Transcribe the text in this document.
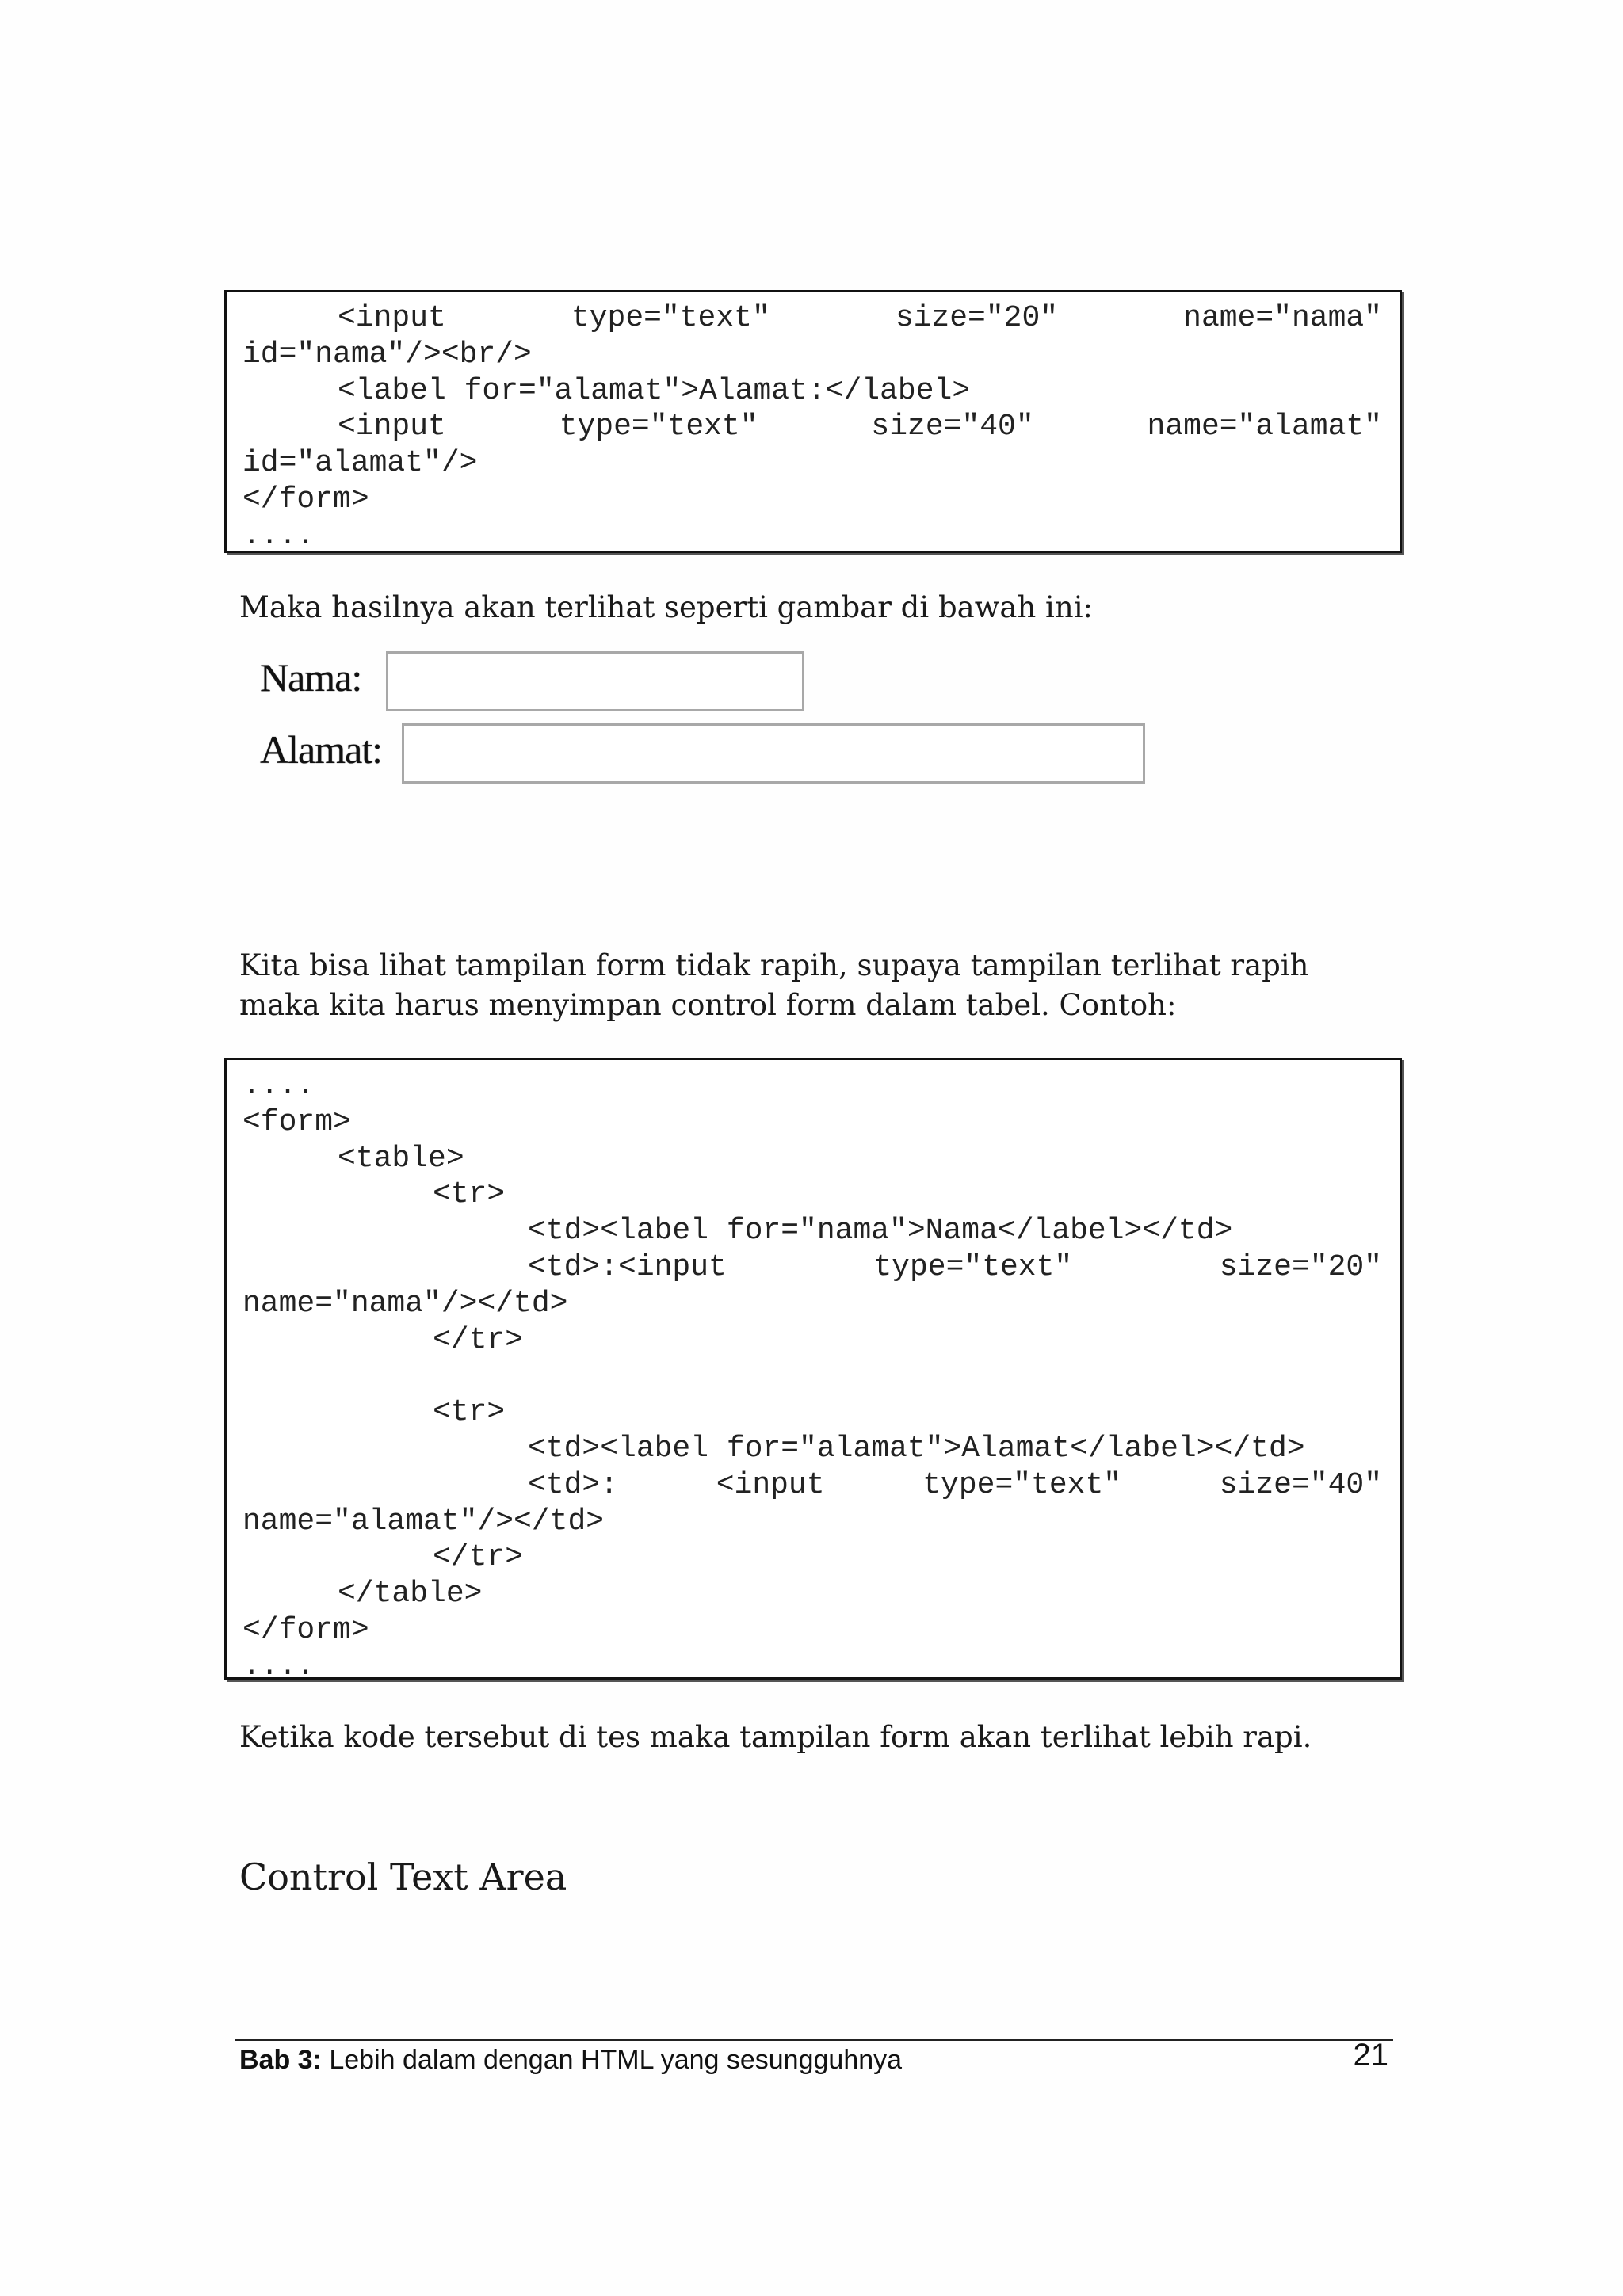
<input	type="text"	size="20"	name="nama"
id="nama"/><br/>
<label for="alamat">Alamat:</label>
<input	type="text"	size="40"	name="alamat"
id="alamat"/>
</form>
....
Maka hasilnya akan terlihat seperti gambar di bawah ini:
Nama:
Alamat:
Kita bisa lihat tampilan form tidak rapih, supaya tampilan terlihat rapih maka kita harus menyimpan control form dalam tabel. Contoh:
....
<form>
<table>
<tr>
<td><label for="nama">Nama</label></td>
<td>:<input	type="text"	size="20"
name="nama"/></td>
</tr>
<tr>
<td><label for="alamat">Alamat</label></td>
<td>:	<input	type="text"	size="40"
name="alamat"/></td>
</tr>
</table>
</form>
....
Ketika kode tersebut di tes maka tampilan form akan terlihat lebih rapi.
Control Text Area
Bab 3: Lebih dalam dengan HTML yang sesungguhnya	21
